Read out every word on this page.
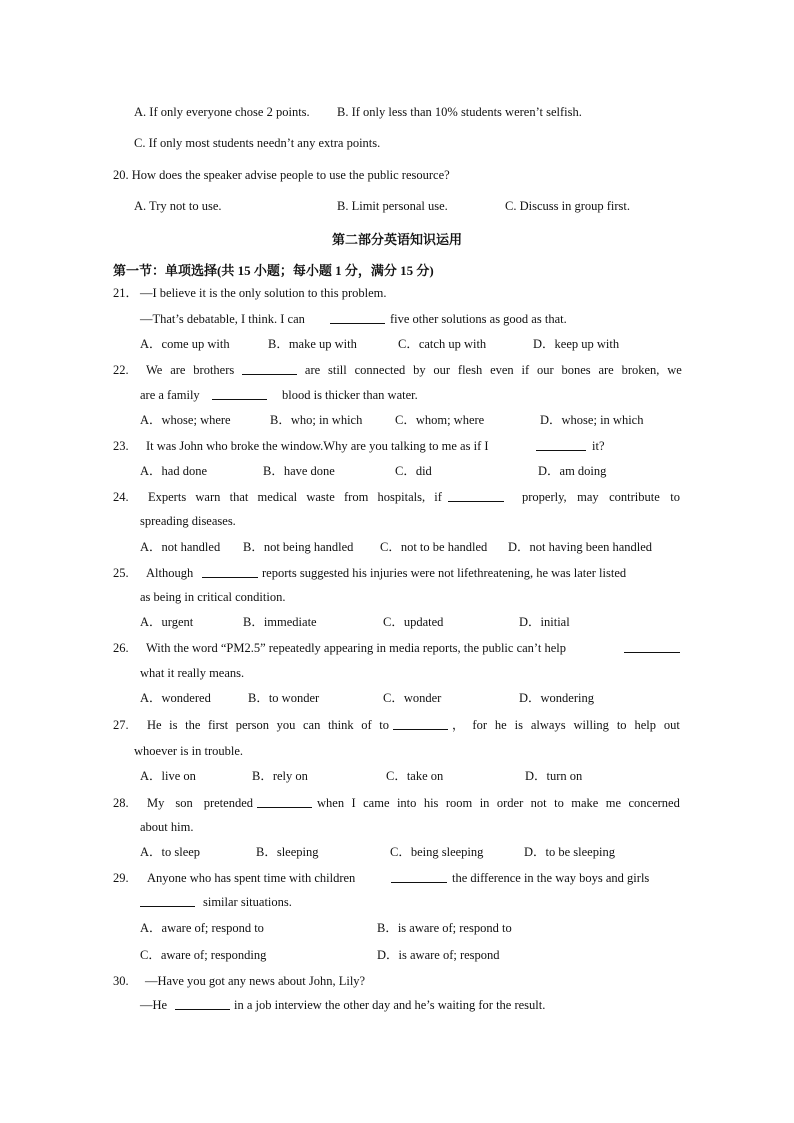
A. If only everyone chose 2 points. B. If only less than 10% students weren’t selfish.
C. If only most students needn’t any extra points.
20. How does the speaker advise people to use the public resource?
A. Try not to use.	B. Limit personal use.	C. Discuss in group first.
第二部分英语知识运用
第一节：单项选择(共 15 小题；每小题 1 分，满分 15 分)
21． —I believe it is the only solution to this problem.
—That’s debatable, I think. I can	five other solutions as good as that.
A．come up with	B．make up with	C．catch up with	D．keep up with
22. We are brothers	are still connected by our flesh even if our bones are broken, we
are a family	blood is thicker than water.
A．whose; where	B．who; in which	C．whom; where	D．whose; in which
23. It was John who broke the window.Why are you talking to me as if I	it?
A．had done	B．have done	C．did	D．am doing
24. Experts warn that medical waste from hospitals, if	properly, may contribute to
spreading diseases.
A．not handled B．not being handled C．not to be handled D．not having been handled
25. Although	reports suggested his injuries were not lifethreatening, he was later listed
as being in critical condition.
A．urgent	B．immediate	C．updated	D．initial
26. With the word “PM2.5” repeatedly appearing in media reports, the public can’t help
what it really means.
A．wondered	B．to wonder	C．wonder	D．wondering
27. He is the first person you can think of to	， for he is always willing to help out
whoever is in trouble.
A．live on	B．rely on	C．take on	D．turn on
28. My son pretended	when I came into his room in order not to make me concerned
about him.
A．to sleep	B．sleeping	C．being sleeping	D．to be sleeping
29. Anyone who has spent time with children	the difference in the way boys and girls
similar situations.
A．aware of; respond to	B．is aware of; respond to
C．aware of; responding	D．is aware of; respond
30. —Have you got any news about John, Lily?
—He	in a job interview the other day and he’s waiting for the result.
